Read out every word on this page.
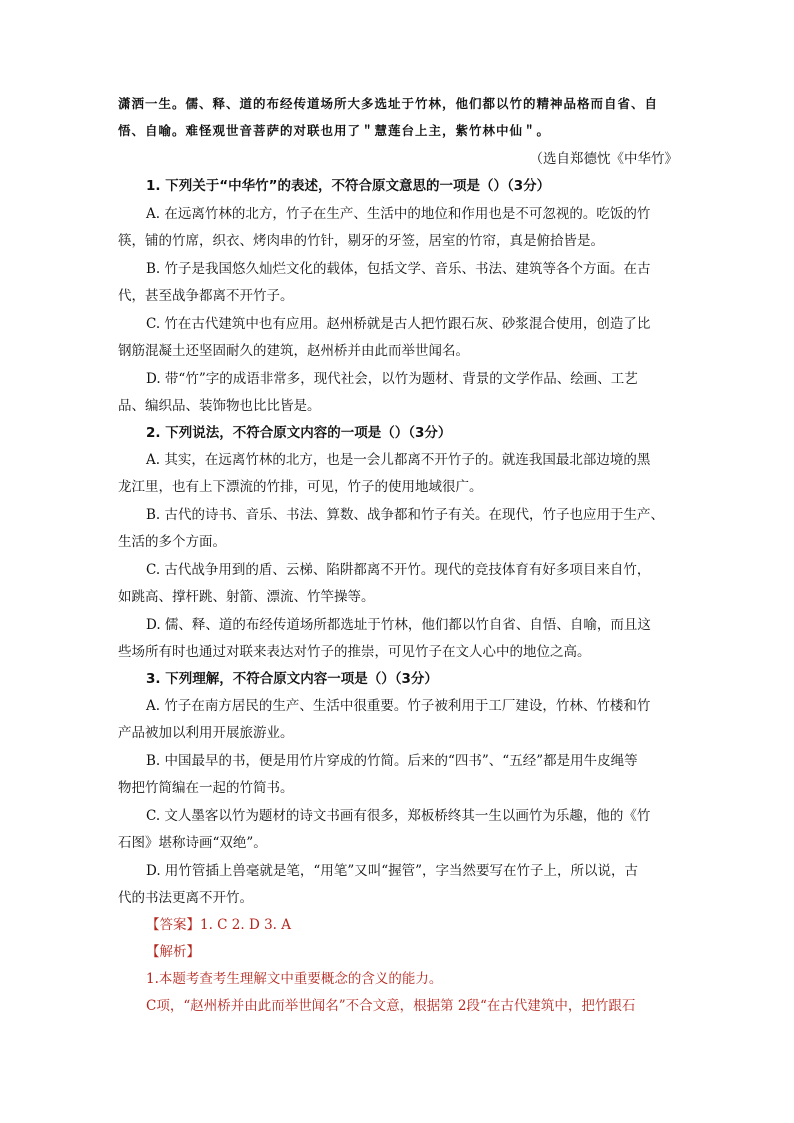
潇洒一生。儒、释、道的布经传道场所大多选址于竹林，他们都以竹的精神品格而自省、自
悟、自喻。难怪观世音菩萨的对联也用了＂慧莲台上主，紫竹林中仙＂。
（选自郑德忱《中华竹》
1. 下列关于“中华竹”的表述，不符合原文意思的一项是（）（3分）
A. 在远离竹林的北方，竹子在生产、生活中的地位和作用也是不可忽视的。吃饭的竹
筷，铺的竹席，织衣、烤肉串的竹针，剔牙的牙签，居室的竹帘，真是俯拾皆是。
B. 竹子是我国悠久灿烂文化的载体，包括文学、音乐、书法、建筑等各个方面。在古
代，甚至战争都离不开竹子。
C. 竹在古代建筑中也有应用。赵州桥就是古人把竹跟石灰、砂浆混合使用，创造了比
钢筋混凝土还坚固耐久的建筑，赵州桥并由此而举世闻名。
D. 带“竹”字的成语非常多，现代社会，以竹为题材、背景的文学作品、绘画、工艺
品、编织品、装饰物也比比皆是。
2. 下列说法，不符合原文内容的一项是（）（3分）
A. 其实，在远离竹林的北方，也是一会儿都离不开竹子的。就连我国最北部边境的黑
龙江里，也有上下漂流的竹排，可见，竹子的使用地域很广。
B. 古代的诗书、音乐、书法、算数、战争都和竹子有关。在现代，竹子也应用于生产、
生活的多个方面。
C. 古代战争用到的盾、云梯、陷阱都离不开竹。现代的竞技体育有好多项目来自竹，
如跳高、撑杆跳、射箭、漂流、竹竿操等。
D. 儒、释、道的布经传道场所都选址于竹林，他们都以竹自省、自悟、自喻，而且这
些场所有时也通过对联来表达对竹子的推崇，可见竹子在文人心中的地位之高。
3. 下列理解，不符合原文内容一项是（）（3分）
A. 竹子在南方居民的生产、生活中很重要。竹子被利用于工厂建设，竹林、竹楼和竹
产品被加以利用开展旅游业。
B. 中国最早的书，便是用竹片穿成的竹简。后来的“四书”、“五经”都是用牛皮绳等
物把竹简编在一起的竹简书。
C. 文人墨客以竹为题材的诗文书画有很多，郑板桥终其一生以画竹为乐趣，他的《竹
石图》堪称诗画“双绝”。
D. 用竹管插上兽毫就是笔，“用笔”又叫“握管”，字当然要写在竹子上，所以说，古
代的书法更离不开竹。
【答案】1. C 2. D 3. A
【解析】
1.本题考查考生理解文中重要概念的含义的能力。
C项，“赵州桥并由此而举世闻名”不合文意，根据第 2段“在古代建筑中，把竹跟石
